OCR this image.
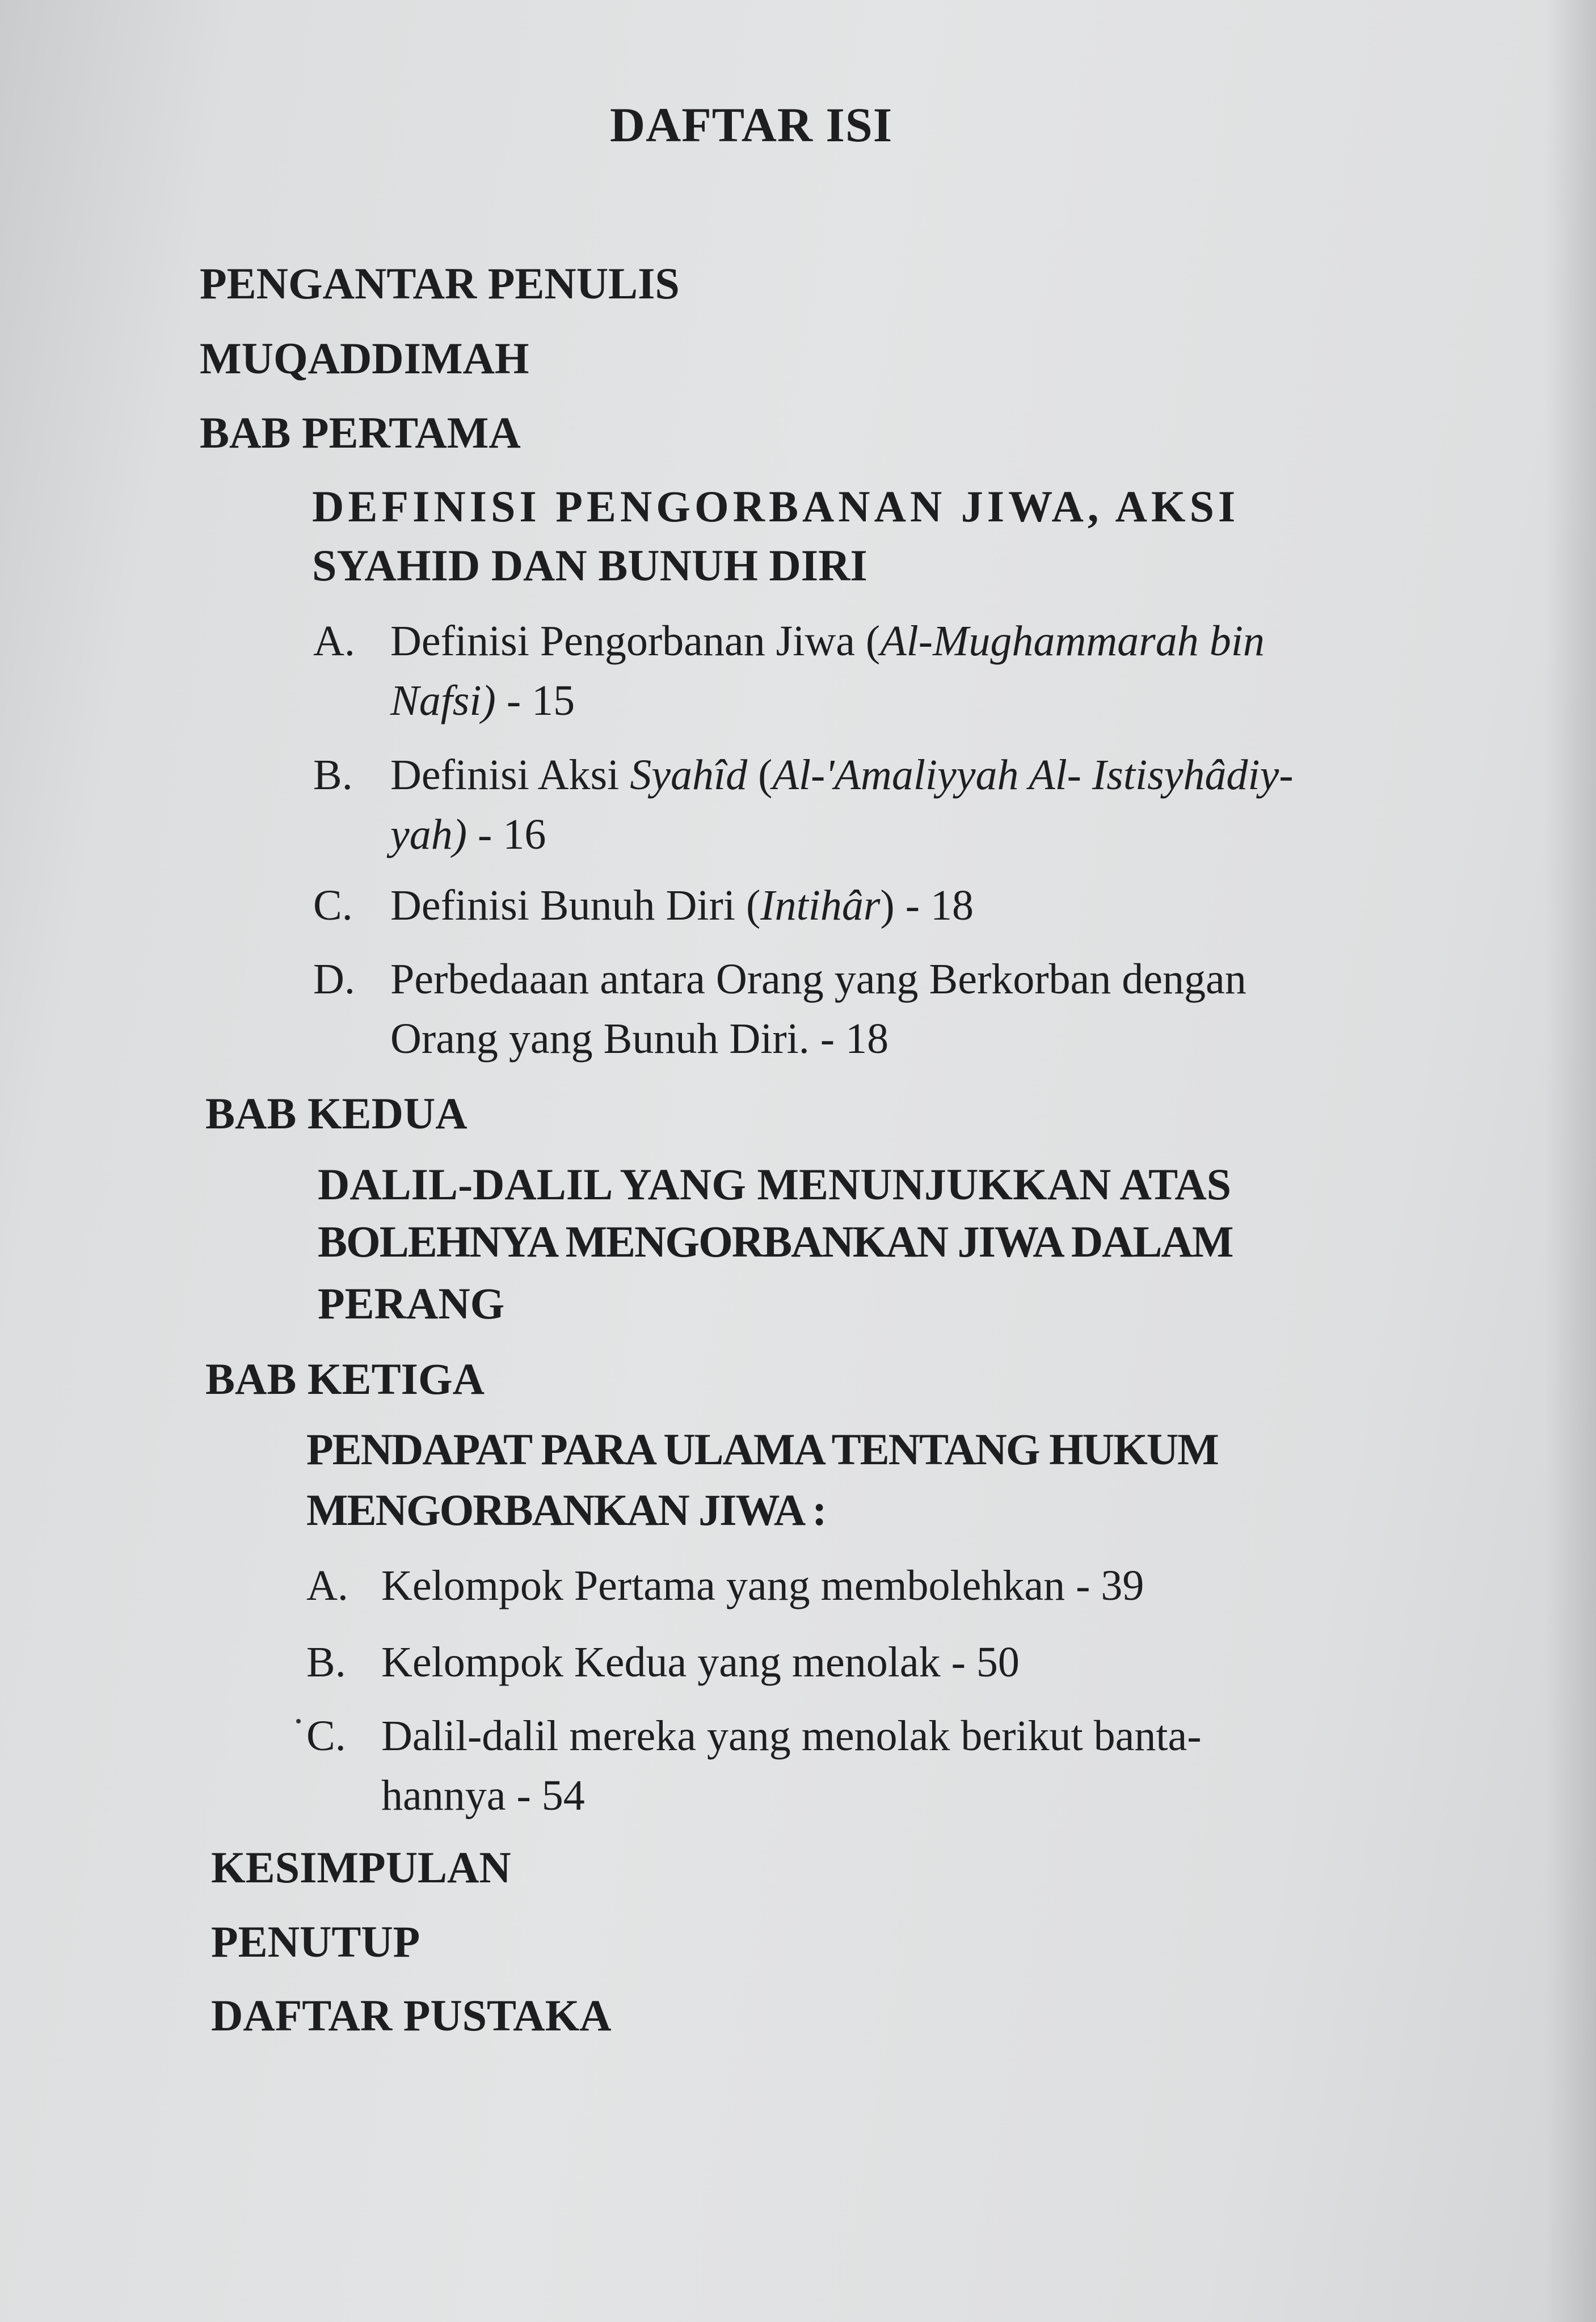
DAFTAR ISI
PENGANTAR PENULIS
MUQADDIMAH
BAB PERTAMA
DEFINISI PENGORBANAN JIWA, AKSI
SYAHID DAN BUNUH DIRI
A. Definisi Pengorbanan Jiwa (Al-Mughammarah bin
Nafsi) - 15
B. Definisi Aksi Syahîd (Al-'Amaliyyah Al- Istisyhâdiy-
yah) - 16
C. Definisi Bunuh Diri (Intihâr) - 18
D. Perbedaaan antara Orang yang Berkorban dengan
Orang yang Bunuh Diri. - 18
BAB KEDUA
DALIL-DALIL YANG MENUNJUKKAN ATAS
BOLEHNYA MENGORBANKAN JIWA DALAM
PERANG
BAB KETIGA
PENDAPAT PARA ULAMA TENTANG HUKUM
MENGORBANKAN JIWA :
A. Kelompok Pertama yang membolehkan - 39
B. Kelompok Kedua yang menolak - 50
C. Dalil-dalil mereka yang menolak berikut banta-
hannya - 54
KESIMPULAN
PENUTUP
DAFTAR PUSTAKA
